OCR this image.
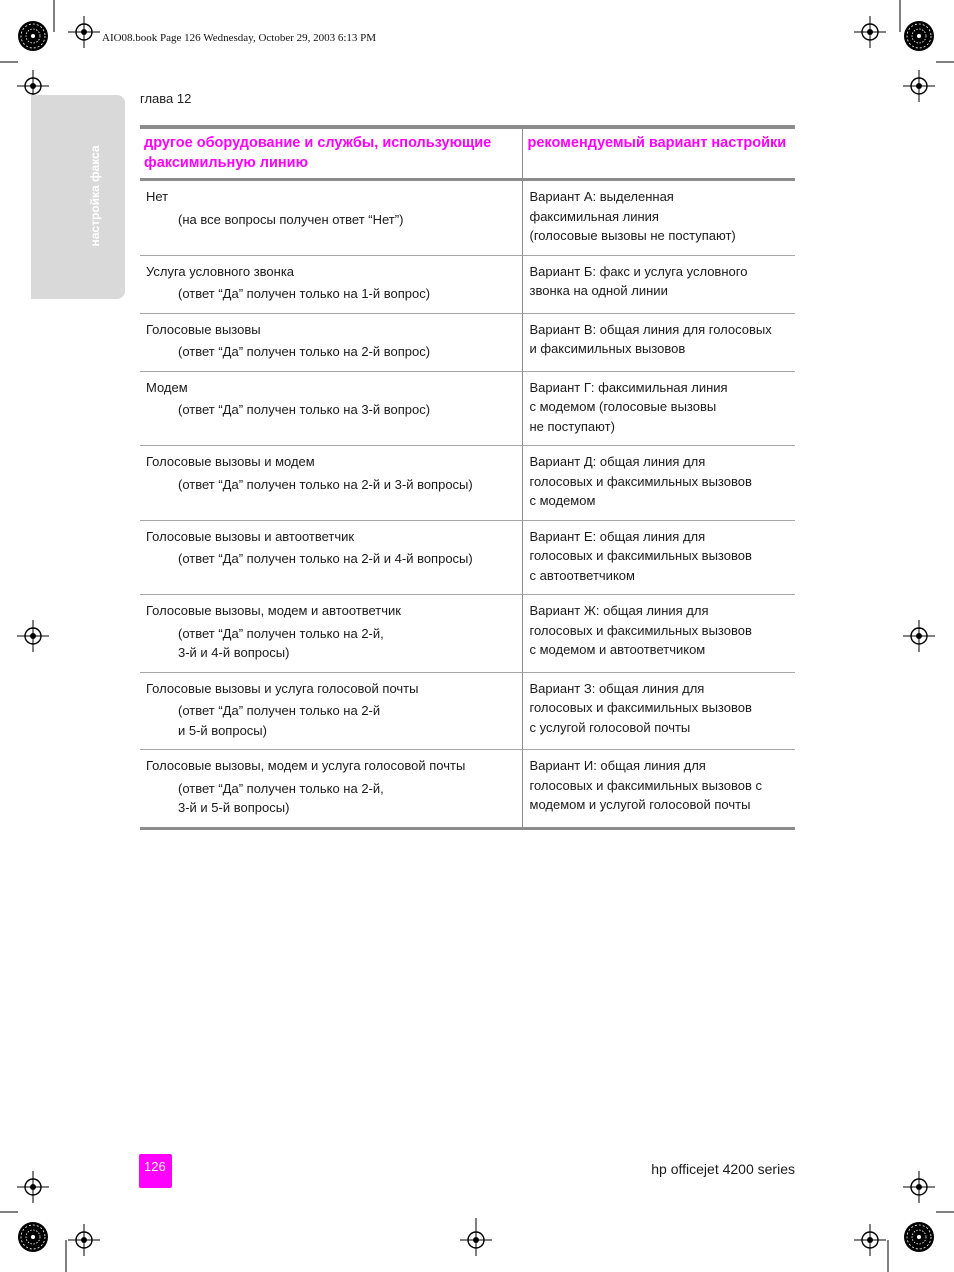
AIO08.book Page 126 Wednesday, October 29, 2003 6:13 PM
настройка факса
глава 12
другое оборудование и службы, использующие факсимильную линию	рекомендуемый вариант настройки

Нет
(на все вопросы получен ответ “Нет”)	Вариант A: выделенная
факсимильная линия
(голосовые вызовы не поступают)

Услуга условного звонка
(ответ “Да” получен только на 1-й вопрос)	Вариант Б: факс и услуга условного
звонка на одной линии

Голосовые вызовы
(ответ “Да” получен только на 2-й вопрос)	Вариант B: общая линия для голосовых
и факсимильных вызовов

Модем
(ответ “Да” получен только на 3-й вопрос)	Вариант Г: факсимильная линия
с модемом (голосовые вызовы
не поступают)

Голосовые вызовы и модем
(ответ “Да” получен только на 2-й и 3-й вопросы)	Вариант Д: общая линия для
голосовых и факсимильных вызовов
с модемом

Голосовые вызовы и автоответчик
(ответ “Да” получен только на 2-й и 4-й вопросы)	Вариант Е: общая линия для
голосовых и факсимильных вызовов
с автоответчиком

Голосовые вызовы, модем и автоответчик
(ответ “Да” получен только на 2-й,
3-й и 4-й вопросы)	Вариант Ж: общая линия для
голосовых и факсимильных вызовов
с модемом и автоответчиком

Голосовые вызовы и услуга голосовой почты
(ответ “Да” получен только на 2-й
и 5-й вопросы)	Вариант З: общая линия для
голосовых и факсимильных вызовов
с услугой голосовой почты

Голосовые вызовы, модем и услуга голосовой почты
(ответ “Да” получен только на 2-й,
3-й и 5-й вопросы)	Вариант И: общая линия для
голосовых и факсимильных вызовов с
модемом и услугой голосовой почты
126	hp officejet 4200 series
